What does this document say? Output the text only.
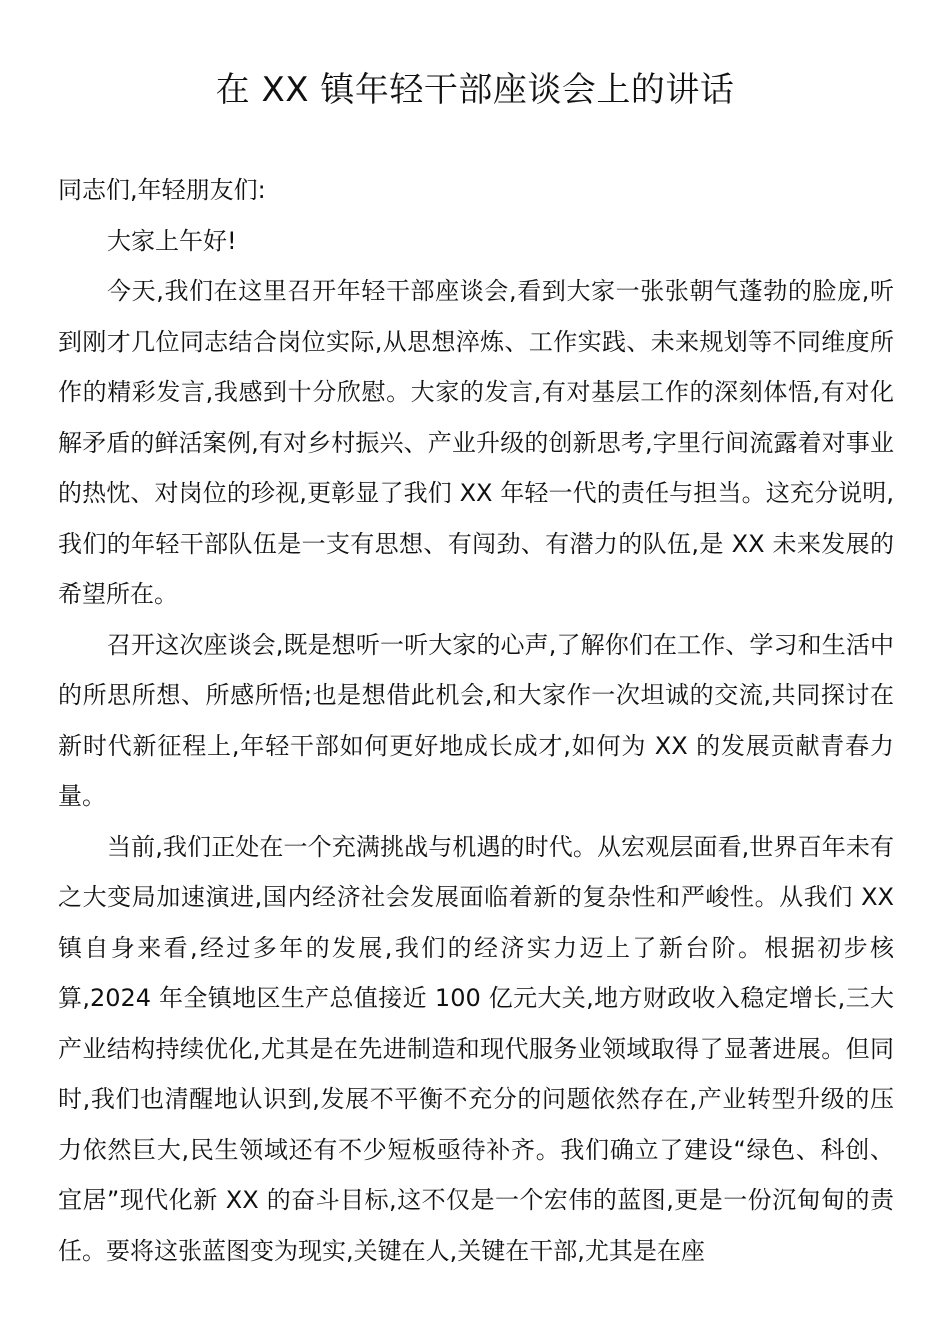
在 XX 镇年轻干部座谈会上的讲话

同志们,年轻朋友们:

大家上午好!

今天,我们在这里召开年轻干部座谈会,看到大家一张张朝气蓬勃的脸庞,听到刚才几位同志结合岗位实际,从思想淬炼、工作实践、未来规划等不同维度所作的精彩发言,我感到十分欣慰。大家的发言,有对基层工作的深刻体悟,有对化解矛盾的鲜活案例,有对乡村振兴、产业升级的创新思考,字里行间流露着对事业的热忱、对岗位的珍视,更彰显了我们 XX 年轻一代的责任与担当。这充分说明,我们的年轻干部队伍是一支有思想、有闯劲、有潜力的队伍,是 XX 未来发展的希望所在。

召开这次座谈会,既是想听一听大家的心声,了解你们在工作、学习和生活中的所思所想、所感所悟;也是想借此机会,和大家作一次坦诚的交流,共同探讨在新时代新征程上,年轻干部如何更好地成长成才,如何为 XX 的发展贡献青春力量。

当前,我们正处在一个充满挑战与机遇的时代。从宏观层面看,世界百年未有之大变局加速演进,国内经济社会发展面临着新的复杂性和严峻性。从我们 XX 镇自身来看,经过多年的发展,我们的经济实力迈上了新台阶。根据初步核算,2024 年全镇地区生产总值接近 100 亿元大关,地方财政收入稳定增长,三大产业结构持续优化,尤其是在先进制造和现代服务业领域取得了显著进展。但同时,我们也清醒地认识到,发展不平衡不充分的问题依然存在,产业转型升级的压力依然巨大,民生领域还有不少短板亟待补齐。我们确立了建设“绿色、科创、宜居”现代化新 XX 的奋斗目标,这不仅是一个宏伟的蓝图,更是一份沉甸甸的责任。要将这张蓝图变为现实,关键在人,关键在干部,尤其是在座
